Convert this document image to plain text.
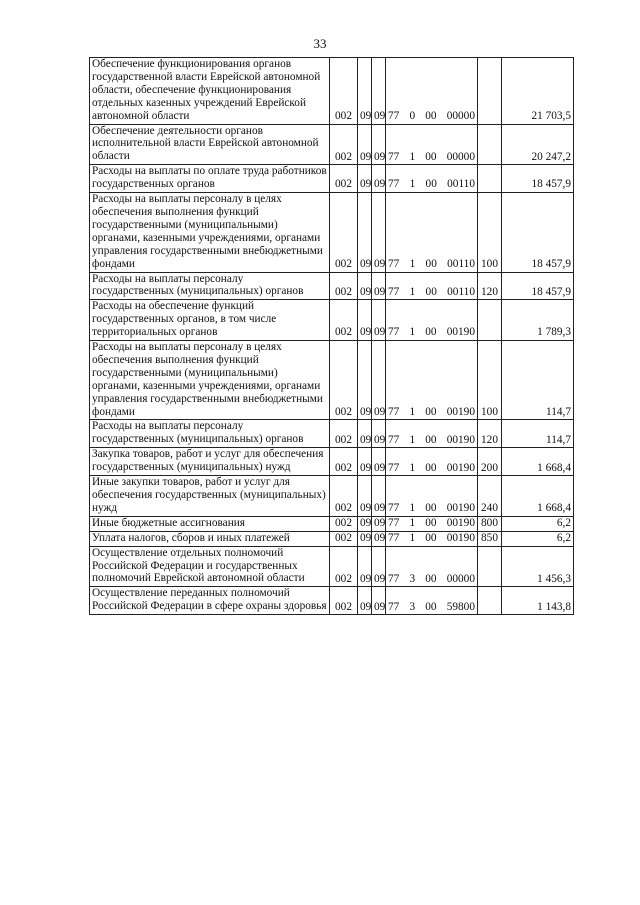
33
Обеспечение функционирования органов государственной власти Еврейской автономной области, обеспечение функционирования отдельных казенных учреждений Еврейской автономной области	002	09	09	77 0 00 00000		21 703,5
Обеспечение деятельности органов исполнительной власти Еврейской автономной области	002	09	09	77 1 00 00000		20 247,2
Расходы на выплаты по оплате труда работников государственных органов	002	09	09	77 1 00 00110		18 457,9
Расходы на выплаты персоналу в целях обеспечения выполнения функций государственными (муниципальными) органами, казенными учреждениями, органами управления государственными внебюджетными фондами	002	09	09	77 1 00 00110	100	18 457,9
Расходы на выплаты персоналу государственных (муниципальных) органов	002	09	09	77 1 00 00110	120	18 457,9
Расходы на обеспечение функций государственных органов, в том числе территориальных органов	002	09	09	77 1 00 00190		1 789,3
Расходы на выплаты персоналу в целях обеспечения выполнения функций государственными (муниципальными) органами, казенными учреждениями, органами управления государственными внебюджетными фондами	002	09	09	77 1 00 00190	100	114,7
Расходы на выплаты персоналу государственных (муниципальных) органов	002	09	09	77 1 00 00190	120	114,7
Закупка товаров, работ и услуг для обеспечения государственных (муниципальных) нужд	002	09	09	77 1 00 00190	200	1 668,4
Иные закупки товаров, работ и услуг для обеспечения государственных (муниципальных) нужд	002	09	09	77 1 00 00190	240	1 668,4
Иные бюджетные ассигнования	002	09	09	77 1 00 00190	800	6,2
Уплата налогов, сборов и иных платежей	002	09	09	77 1 00 00190	850	6,2
Осуществление отдельных полномочий Российской Федерации и государственных полномочий Еврейской автономной области	002	09	09	77 3 00 00000		1 456,3
Осуществление переданных полномочий Российской Федерации в сфере охраны здоровья	002	09	09	77 3 00 59800		1 143,8
